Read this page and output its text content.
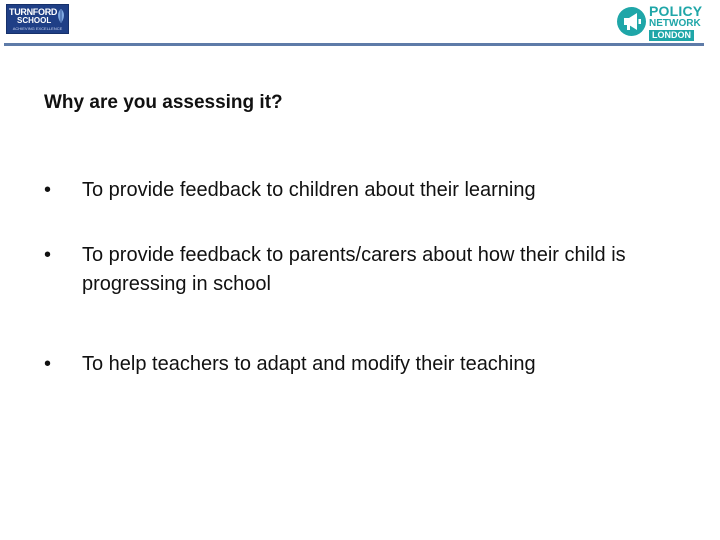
TURNFORD
SCHOOL
ACHIEVING EXCELLENCE
POLICY
NETWORK
LONDON
Why are you assessing it?
•	To provide feedback to children about their learning
•	To provide feedback to parents/carers about how their child is progressing in school
•	To help teachers to adapt and modify their teaching
